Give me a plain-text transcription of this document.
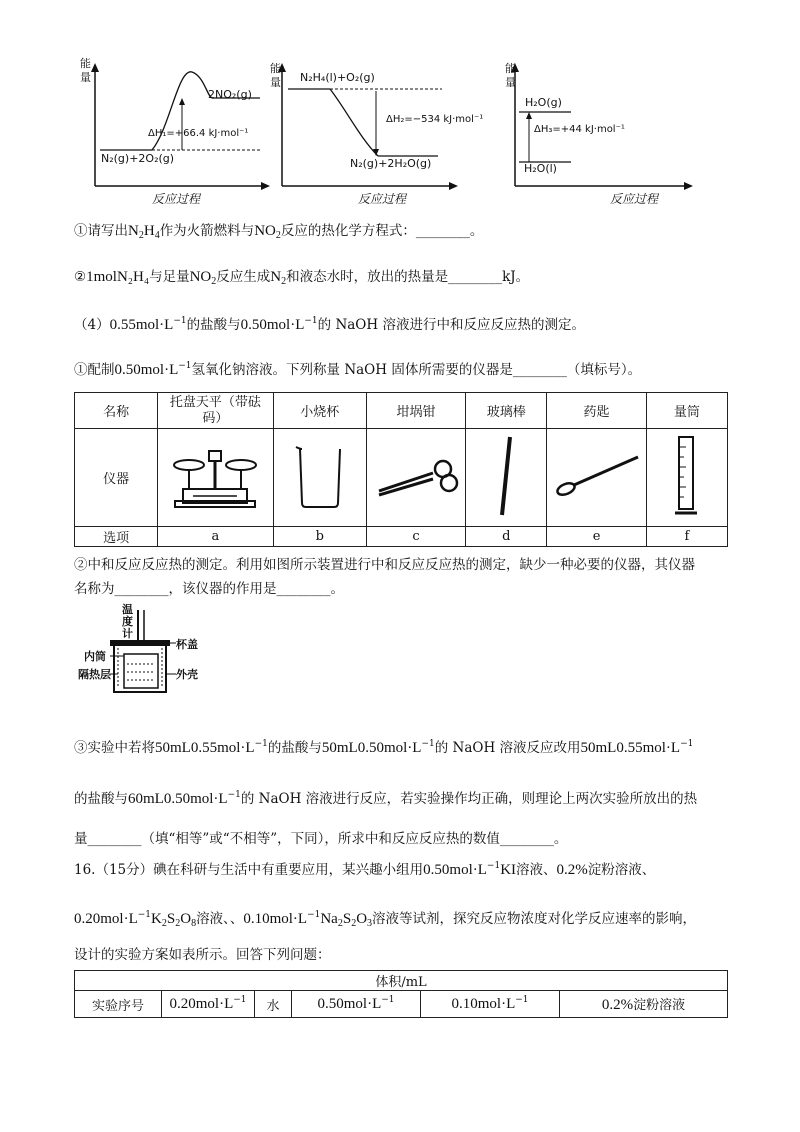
能量
反应过程
2NO₂(g)
ΔH₁=+66.4 kJ·mol⁻¹
N₂(g)+2O₂(g)
能量 N₂H₄(l)+O₂(g)
ΔH₂=−534 kJ·mol⁻¹
N₂(g)+2H₂O(g)
反应过程
能量
H₂O(g)
ΔH₃=+44 kJ·mol⁻¹
H₂O(l)
反应过程
①请写出$N_2H_4$作为火箭燃料与$NO_2$反应的热化学方程式：________。
②1molN₂H₄与足量$NO_2$反应生成$N_2$和液态水时，放出的热量是________kJ。
$(4)0.55mol\cdot L^{-1}$的盐酸与$0.50mol\cdot L^{-1}$的 NaOH 溶液进行中和反应反应热的测定。
①配制$0.50mol\cdot L^{-1}$氢氧化钠溶液。下列称量 NaOH 固体所需要的仪器是________（填标号）。
名称	托盘天平（带砝码）	小烧杯	坩埚钳	玻璃棒	药匙	量筒
仪器						
选项	a	b	c	d	e	f
②中和反应反应热的测定。利用如图所示装置进行中和反应反应热的测定，缺少一种必要的仪器，其仪器
名称为________，该仪器的作用是________。
温度计
杯盖
内筒
隔热层	外壳
③实验中若将$50mL0.55mol\cdot L^{-1}$的盐酸与$50mL0.50mol\cdot L^{-1}$的 NaOH 溶液反应改用$50mL0.55mol\cdot L^{-1}$
的盐酸与$60mL0.50mol\cdot L^{-1}$的 NaOH 溶液进行反应，若实验操作均正确，则理论上两次实验所放出的热
量________（填“相等”或“不相等”，下同），所求中和反应反应热的数值________。
16.（15分）碘在科研与生活中有重要应用，某兴趣小组用$0.50mol\cdot L^{-1}KI$溶液、0.2%淀粉溶液、
$0.20mol\cdot L^{-1}K_2S_2O_8$溶液、、$0.10mol\cdot L^{-1}Na_2S_2O_3$溶液等试剂，探究反应物浓度对化学反应速率的影响，
设计的实验方案如表所示。回答下列问题：
体积/mL
实验序号	$0.20mol\cdot L^{-1}$	水	$0.50mol\cdot L^{-1}$	$0.10mol\cdot L^{-1}$	0.2%淀粉溶液
